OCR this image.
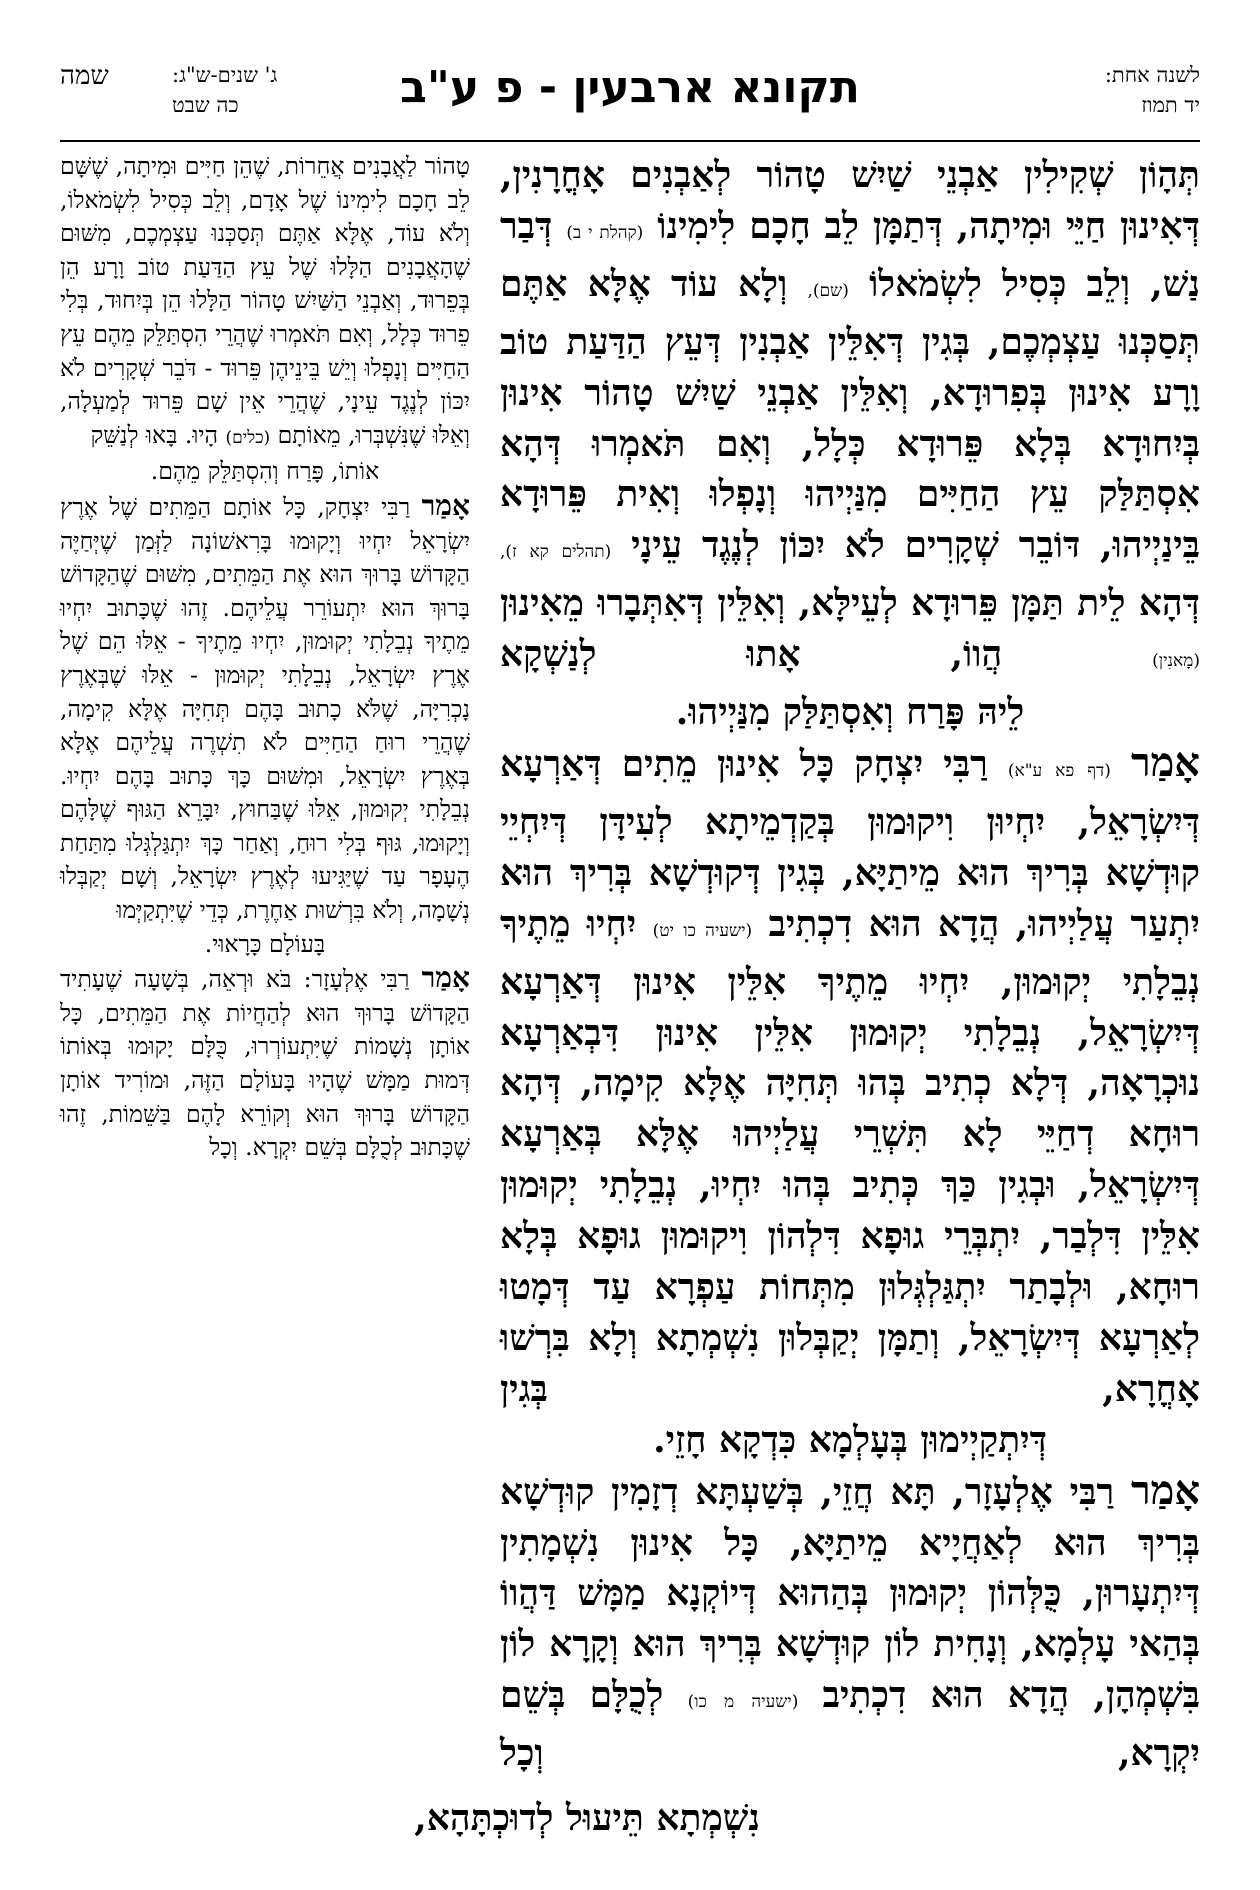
לשנה אחת:
יד תמוז
תקונא ארבעין - פ ע"ב
ג' שנים-ש"ג:
כה שבט
שמה

תְּהָוֹן שְׁקִילִין אַבְנֵי שַׁיִשׁ טָהוֹר לְאַבְנִים אָחֳרָנִין, דְּאִינוּן חַיֵּי וּמִיתָה, דְּתַמָּן לֵב חָכָם לִימִינוֹ (קהלת י ב) דְּבַר נַשׁ, וְלֵב כְּסִיל לִשְׂמֹאלוֹ (שם), וְלָא עוֹד אֶלָּא אַתֶּם תְּסַכְּנוּ עַצְמְכֶם, בְּגִין דְּאִלֵּין אַבְנִין דְּעֵץ הַדַּעַת טוֹב וָרָע אִינוּן בְּפִרוּדָא, וְאִלֵּין אַבְנֵי שַׁיִשׁ טָהוֹר אִינוּן בְּיִחוּדָא בְּלָא פֵּרוּדָא כְּלָל, וְאִם תֹּאמְרוּ דְּהָא אִסְתַּלַּק עֵץ הַחַיִּים מִנַּיְיהוּ וְנָפְלוּ וְאִית פֵּרוּדָא בֵּינַיְיהוּ, דּוֹבֵר שְׁקָרִים לֹא יִכּוֹן לְנֶגֶד עֵינָי (תהלים קא ז), דְּהָא לֵית תַּמָּן פֵּרוּדָא לְעֵילָּא, וְאִלֵּין דְּאִתְּבָרוּ מֵאִינוּן (מָאנִין) הֲווֹ, אָתוּ לְנַשְׁקָא

לֵיהּ פָּרַח וְאִסְתַּלַּק מִנַּיְיהוּ.

אָמַר (דף פא ע"א) רַבִּי יִצְחָק כָּל אִינוּן מֵתִים דְּאַרְעָא דְּיִשְׂרָאֵל, יִחְיוּן וִיקוּמוּן בְּקַדְמֵיתָא לְעִידָּן דְּיִחְיֵי קוּדְשָׁא בְּרִיךְ הוּא מֵיתַיָּא, בְּגִין דְּקוּדְשָׁא בְּרִיךְ הוּא יִתְעַר עֲלַיְיהוּ, הֲדָא הוּא דִכְתִיב (ישעיה כו יט) יִחְיוּ מֵתֶיךָ נְבֵלָתִי יְקוּמוּן, יִחְיוּ מֵתֶיךָ אִלֵּין אִינוּן דְּאַרְעָא דְּיִשְׂרָאֵל, נְבֵלָתִי יְקוּמוּן אִלֵּין אִינוּן דִּבְאַרְעָא נוּכְרָאָה, דְּלָא כְתִיב בְּהוּ תְּחִיָּה אֶלָּא קִימָה, דְּהָא רוּחָא דְחַיֵּי לָא תִּשְׁרֵי עֲלַיְיהוּ אֶלָּא בְּאַרְעָא דְּיִשְׂרָאֵל, וּבְגִין כַּךְ כְּתִיב בְּהוּ יִחְיוּ, נְבֵלָתִי יְקוּמוּן אִלֵּין דִּלְבַר, יִתְבְּרֵי גוּפָא דִּלְהוֹן וִיקוּמוּן גוּפָא בְּלָא רוּחָא, וּלְבָתַר יִתְגַּלְגְּלוּן מִתְּחוֹת עַפְרָא עַד דְּמָטוּ לְאַרְעָא דְּיִשְׂרָאֵל, וְתַמָּן יְקַבְּלוּן נִשְׁמְתָא וְלָא בִּרְשׁוּ אָחֳרָא, בְּגִין

דְּיִתְקַיְימוּן בְּעָלְמָא כִּדְקָא חָזֵי.

אָמַר רַבִּי אֶלְעָזָר, תָּא חֲזֵי, בְּשַׁעְתָּא דְזָמִין קוּדְשָׁא בְּרִיךְ הוּא לְאַחֲיָיא מֵיתַיָּא, כָּל אִינוּן נִשְׁמָתִין דְּיִתְעָרוּן, כֻּלְּהוֹן יְקוּמוּן בְּהַהוּא דְּיוֹקְנָא מַמָּשׁ דַּהֲווֹ בְּהַאי עָלְמָא, וְנָחִית לוֹן קוּדְשָׁא בְּרִיךְ הוּא וְקָרָא לוֹן בִּשְׁמְהָן, הֲדָא הוּא דִכְתִיב (ישעיה מ כו) לְכֻלָּם בְּשֵׁם יִקְרָא, וְכָל

טָהוֹר לַאֲבָנִים אֲחֵרוֹת, שֶׁהֵן חַיִּים וּמִיתָה, שֶׁשָּׁם לֵב חָכָם לִימִינוֹ שֶׁל אָדָם, וְלֵב כְּסִיל לִשְׂמֹאלוֹ, וְלֹא עוֹד, אֶלָּא אַתֶּם תְּסַכְּנוּ עַצְמְכֶם, מִשּׁוּם שֶׁהָאֲבָנִים הַלָּלוּ שֶׁל עֵץ הַדַּעַת טוֹב וָרָע הֵן בְּפֵרוּד, וְאַבְנֵי הַשַּׁיִשׁ טָהוֹר הַלָּלוּ הֵן בְּיִחוּד, בְּלִי פֵרוּד כְּלָל, וְאִם תֹּאמְרוּ שֶׁהֲרֵי הִסְתַּלֵּק מֵהֶם עֵץ הַחַיִּים וְנָפְלוּ וְיֵשׁ בֵּינֵיהֶן פֵּרוּד - דֹּבֵר שְׁקָרִים לֹא יִכּוֹן לְנֶגֶד עֵינָי, שֶׁהֲרֵי אֵין שָׁם פֵּרוּד לְמַעְלָה, וְאֵלּוּ שֶׁנִּשְׁבְּרוּ, מֵאוֹתָם (כלים) הָיוּ. בָּאוּ לְנַשֵּׁק

אוֹתוֹ, פָּרַח וְהִסְתַּלֵּק מֵהֶם.

אָמַר רַבִּי יִצְחָק, כָּל אוֹתָם הַמֵּתִים שֶׁל אֶרֶץ יִשְׂרָאֵל יִחְיוּ וְיָקוּמוּ בָּרִאשׁוֹנָה לַזְּמַן שֶׁיְּחַיֶּה הַקָּדוֹשׁ בָּרוּךְ הוּא אֶת הַמֵּתִים, מִשּׁוּם שֶׁהַקָּדוֹשׁ בָּרוּךְ הוּא יִתְעוֹרֵר עֲלֵיהֶם. זֶהוּ שֶׁכָּתוּב יִחְיוּ מֵתֶיךָ נְבֵלָתִי יְקוּמוּן, יִחְיוּ מֵתֶיךָ - אֵלּוּ הֵם שֶׁל אֶרֶץ יִשְׂרָאֵל, נְבֵלָתִי יְקוּמוּן - אֵלּוּ שֶׁבְּאֶרֶץ נָכְרִיָּה, שֶׁלֹּא כָתוּב בָּהֶם תְּחִיָּה אֶלָּא קִימָה, שֶׁהֲרֵי רוּחַ הַחַיִּים לֹא תִשְׁרֶה עֲלֵיהֶם אֶלָּא בְּאֶרֶץ יִשְׂרָאֵל, וּמִשּׁוּם כָּךְ כָּתוּב בָּהֶם יִחְיוּ. נְבֵלָתִי יְקוּמוּן, אֵלּוּ שֶׁבַּחוּץ, יִבָּרֵא הַגּוּף שֶׁלָּהֶם וְיָקוּמוּ, גּוּף בְּלִי רוּחַ, וְאַחַר כָּךְ יִתְגַּלְגְּלוּ מִתַּחַת הֶעָפָר עַד שֶׁיַּגִּיעוּ לְאֶרֶץ יִשְׂרָאֵל, וְשָׁם יְקַבְּלוּ נְשָׁמָה, וְלֹא בִּרְשׁוּת אַחֶרֶת, כְּדֵי שֶׁיִּתְקַיְּמוּ

בָּעוֹלָם כָּרָאוּי.

אָמַר רַבִּי אֶלְעָזָר: בֹּא וּרְאֵה, בְּשָׁעָה שֶׁעָתִיד הַקָּדוֹשׁ בָּרוּךְ הוּא לְהַחֲיוֹת אֶת הַמֵּתִים, כָּל אוֹתָן נְשָׁמוֹת שֶׁיִּתְעוֹרְרוּ, כֻּלָּם יָקוּמוּ בְּאוֹתוֹ דְּמוּת מַמָּשׁ שֶׁהָיוּ בָּעוֹלָם הַזֶּה, וּמוֹרִיד אוֹתָן הַקָּדוֹשׁ בָּרוּךְ הוּא וְקוֹרֵא לָהֶם בַּשֵּׁמוֹת, זֶהוּ שֶׁכָּתוּב לְכֻלָּם בְּשֵׁם יִקְרָא. וְכָל

נִשְׁמְתָא תֵּיעוּל לְדוּכְתָּהָא,
